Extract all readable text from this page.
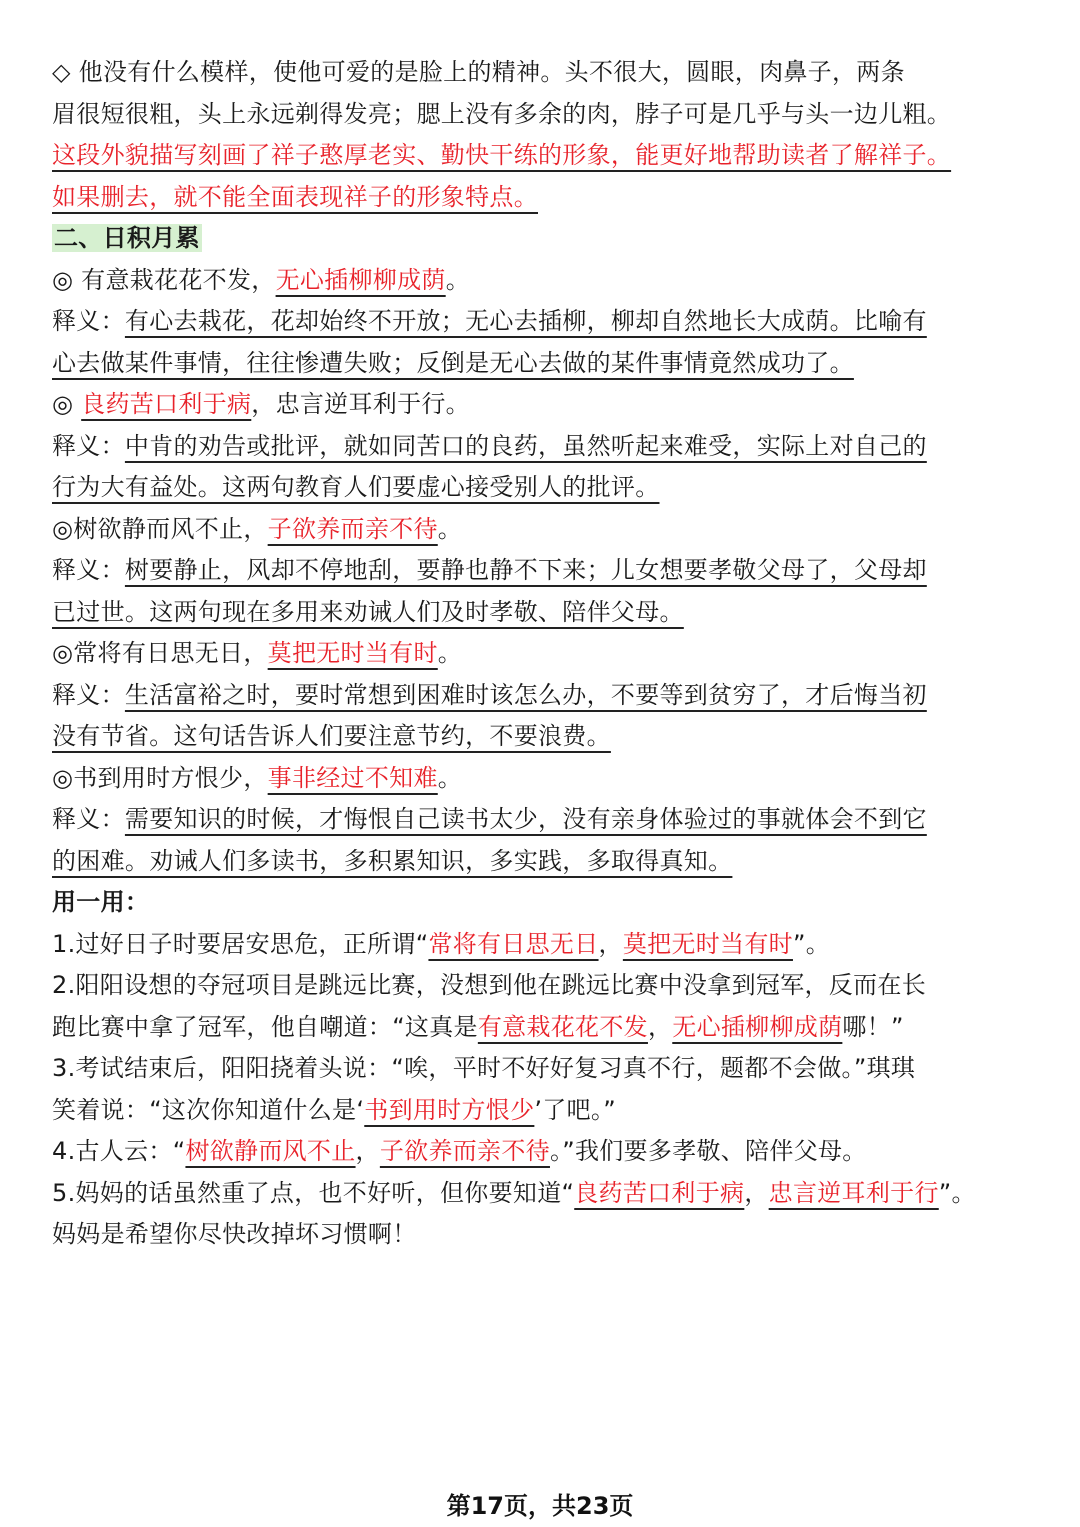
◇ 他没有什么模样，使他可爱的是脸上的精神。头不很大，圆眼，肉鼻子，两条
眉很短很粗，头上永远剃得发亮；腮上没有多余的肉，脖子可是几乎与头一边儿粗。
这段外貌描写刻画了祥子憨厚老实、勤快干练的形象，能更好地帮助读者了解祥子。
如果删去，就不能全面表现祥子的形象特点。
二、日积月累
◎ 有意栽花花不发，无心插柳柳成荫。
释义：有心去栽花，花却始终不开放；无心去插柳，柳却自然地长大成荫。比喻有
心去做某件事情，往往惨遭失败；反倒是无心去做的某件事情竟然成功了。
◎ 良药苦口利于病，忠言逆耳利于行。
释义：中肯的劝告或批评，就如同苦口的良药，虽然听起来难受，实际上对自己的
行为大有益处。这两句教育人们要虚心接受别人的批评。
◎树欲静而风不止，子欲养而亲不待。
释义：树要静止，风却不停地刮，要静也静不下来；儿女想要孝敬父母了，父母却
已过世。这两句现在多用来劝诫人们及时孝敬、陪伴父母。
◎常将有日思无日，莫把无时当有时。
释义：生活富裕之时，要时常想到困难时该怎么办，不要等到贫穷了，才后悔当初
没有节省。这句话告诉人们要注意节约，不要浪费。
◎书到用时方恨少，事非经过不知难。
释义：需要知识的时候，才悔恨自己读书太少，没有亲身体验过的事就体会不到它
的困难。劝诫人们多读书，多积累知识，多实践，多取得真知。
用一用：
1.过好日子时要居安思危，正所谓“常将有日思无日，莫把无时当有时”。
2.阳阳设想的夺冠项目是跳远比赛，没想到他在跳远比赛中没拿到冠军，反而在长
跑比赛中拿了冠军，他自嘲道：“这真是有意栽花花不发，无心插柳柳成荫哪！”
3.考试结束后，阳阳挠着头说：“唉，平时不好好复习真不行，题都不会做。”琪琪
笑着说：“这次你知道什么是‘书到用时方恨少’了吧。”
4.古人云：“树欲静而风不止，子欲养而亲不待。”我们要多孝敬、陪伴父母。
5.妈妈的话虽然重了点，也不好听，但你要知道“良药苦口利于病，忠言逆耳利于行”。
妈妈是希望你尽快改掉坏习惯啊！
第17页，共23页
